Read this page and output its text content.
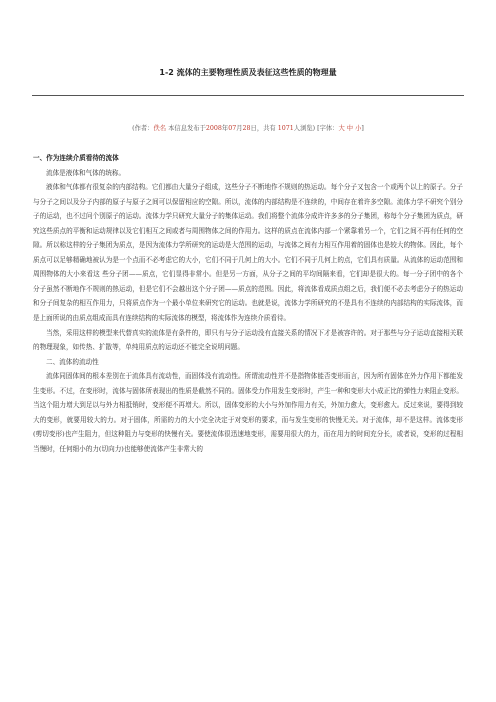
1-2 流体的主要物理性质及表征这些性质的物理量
(作者：佚名 本信息发布于2008年07月28日，共有 1071人浏览) [字体：大 中 小]

一、作为连续介质看待的流体

流体是液体和气体的统称。

液体和气体都有很复杂的内部结构。它们都由大量分子组成，这些分子不断地作不规则的热运动。每个分子又包含一个或两个以上的原子。分子与分子之间以及分子内部的原子与原子之间可以保留相应的空隙。所以，流体的内部结构是不连续的，中间存在着许多空隙。流体力学不研究个别分子的运动，也不过问个别原子的运动。流体力学只研究大量分子的集体运动。我们将整个流体分成许许多多的分子集团，称每个分子集团为质点，研究这些质点的平衡和运动规律以及它们相互之间或者与周围物体之间的作用力。这样的质点在流体内部一个紧靠着另一个，它们之间不再有任何的空隙。所以称这样的分子集团为质点，是因为流体力学所研究的运动是大范围的运动，与流体之间有力相互作用着的固体也是较大的物体。因此，每个质点可以足够精确地被认为是一个点而不必考虑它的大小，它们不同于几何上的大小。它们不同于几何上的点，它们具有质量。从流体的运动范围和周围物体的大小来看这 些分子团——质点，它们显得非常小。但是另一方面，从分子之间的平均间隔来看，它们却是很大的。每一分子团中的各个分子虽然不断地作不规则的热运动，但是它们不会越出这个分子团——质点的范围。因此，将流体看成质点组之后，我们便不必去考虑分子的热运动和分子间复杂的相互作用力，只将质点作为一个最小单位来研究它的运动。也就是说，流体力学所研究的不是具有不连续的内部结构的实际流体，而是上面所说的由质点组成而具有连续结构的实际流体的模型，将流体作为连续介质看待。

当然，采用这样的模型来代替真实的流体是有条件的，即只有与分子运动没有直接关系的情况下才是被容许的。对于那些与分子运动直接相关联的物理现象，如传热、扩散等，单纯用质点的运动还不能完全说明问题。

二、流体的流动性

流体同固体间的根本差别在于流体具有流动性，而固体没有流动性。所谓流动性并不是指物体能否变形而言，因为所有固体在外力作用下都能发生变形。不过，在变形时，流体与固体所表现出的性质是截然不同的。固体受力作用发生变形时，产生一种和变形大小成正比的弹性力来阻止变形。当这个阻力增大到足以与外力相抵销时，变形便不再增大。所以，固体变形的大小与外加作用力有关，外加力愈大，变形愈大。反过来说，要得到较大的变形，就要用较大的力。对于固体，所需的力的大小完全决定于对变形的要求，而与发生变形的快慢无关。对于流体，却不是这样。流体变形(剪切变形)也产生阻力，但这种阻力与变形的快慢有关。要使流体很迅速地变形，需要用很大的力，而在用力的时间充分长，或者说，变形的过程相当慢时，任何细小的力(切向力)也能够使流体产生非常大的
